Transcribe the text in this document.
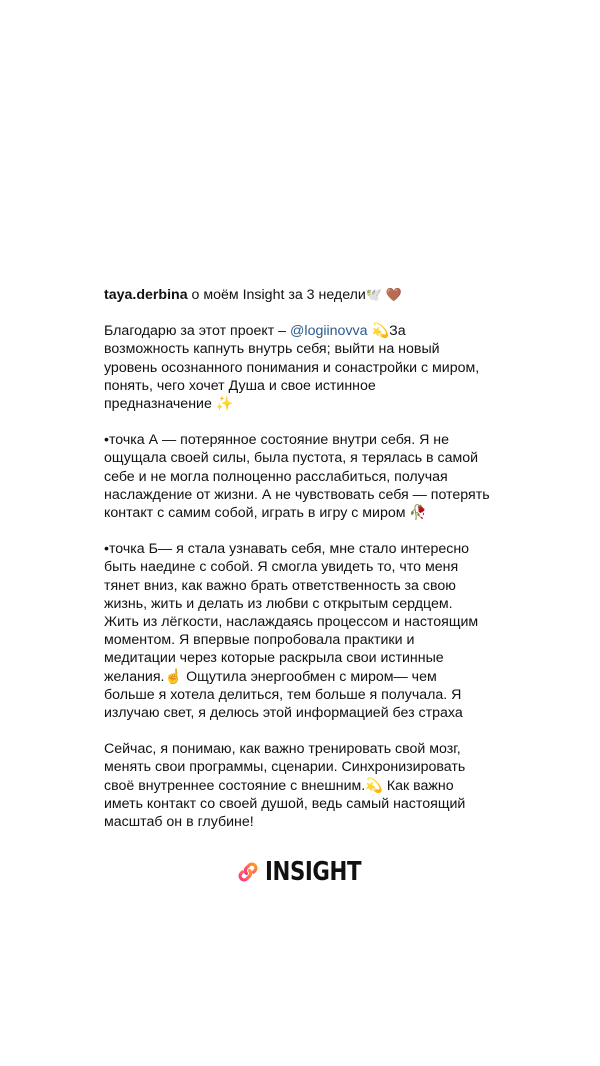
taya.derbina о моём Insight за 3 недели🕊️ 🤎
Благодарю за этот проект – @logiinovva 💫За
возможность капнуть внутрь себя; выйти на новый
уровень осознанного понимания и сонастройки с миром,
понять, чего хочет Душа и свое истинное
предназначение ✨
•точка А — потерянное состояние внутри себя. Я не
ощущала своей силы, была пустота, я терялась в самой
себе и не могла полноценно расслабиться, получая
наслаждение от жизни. А не чувствовать себя — потерять
контакт с самим собой, играть в игру с миром 🥀
•точка Б— я стала узнавать себя, мне стало интересно
быть наедине с собой. Я смогла увидеть то, что меня
тянет вниз, как важно брать ответственность за свою
жизнь, жить и делать из любви с открытым сердцем.
Жить из лёгкости, наслаждаясь процессом и настоящим
моментом. Я впервые попробовала практики и
медитации через которые раскрыла свои истинные
желания.☝️ Ощутила энергообмен с миром— чем
больше я хотела делиться, тем больше я получала. Я
излучаю свет, я делюсь этой информацией без страха
Сейчас, я понимаю, как важно тренировать свой мозг,
менять свои программы, сценарии. Синхронизировать
своё внутреннее состояние с внешним.💫 Как важно
иметь контакт со своей душой, ведь самый настоящий
масштаб он в глубине!
INSIGHT
